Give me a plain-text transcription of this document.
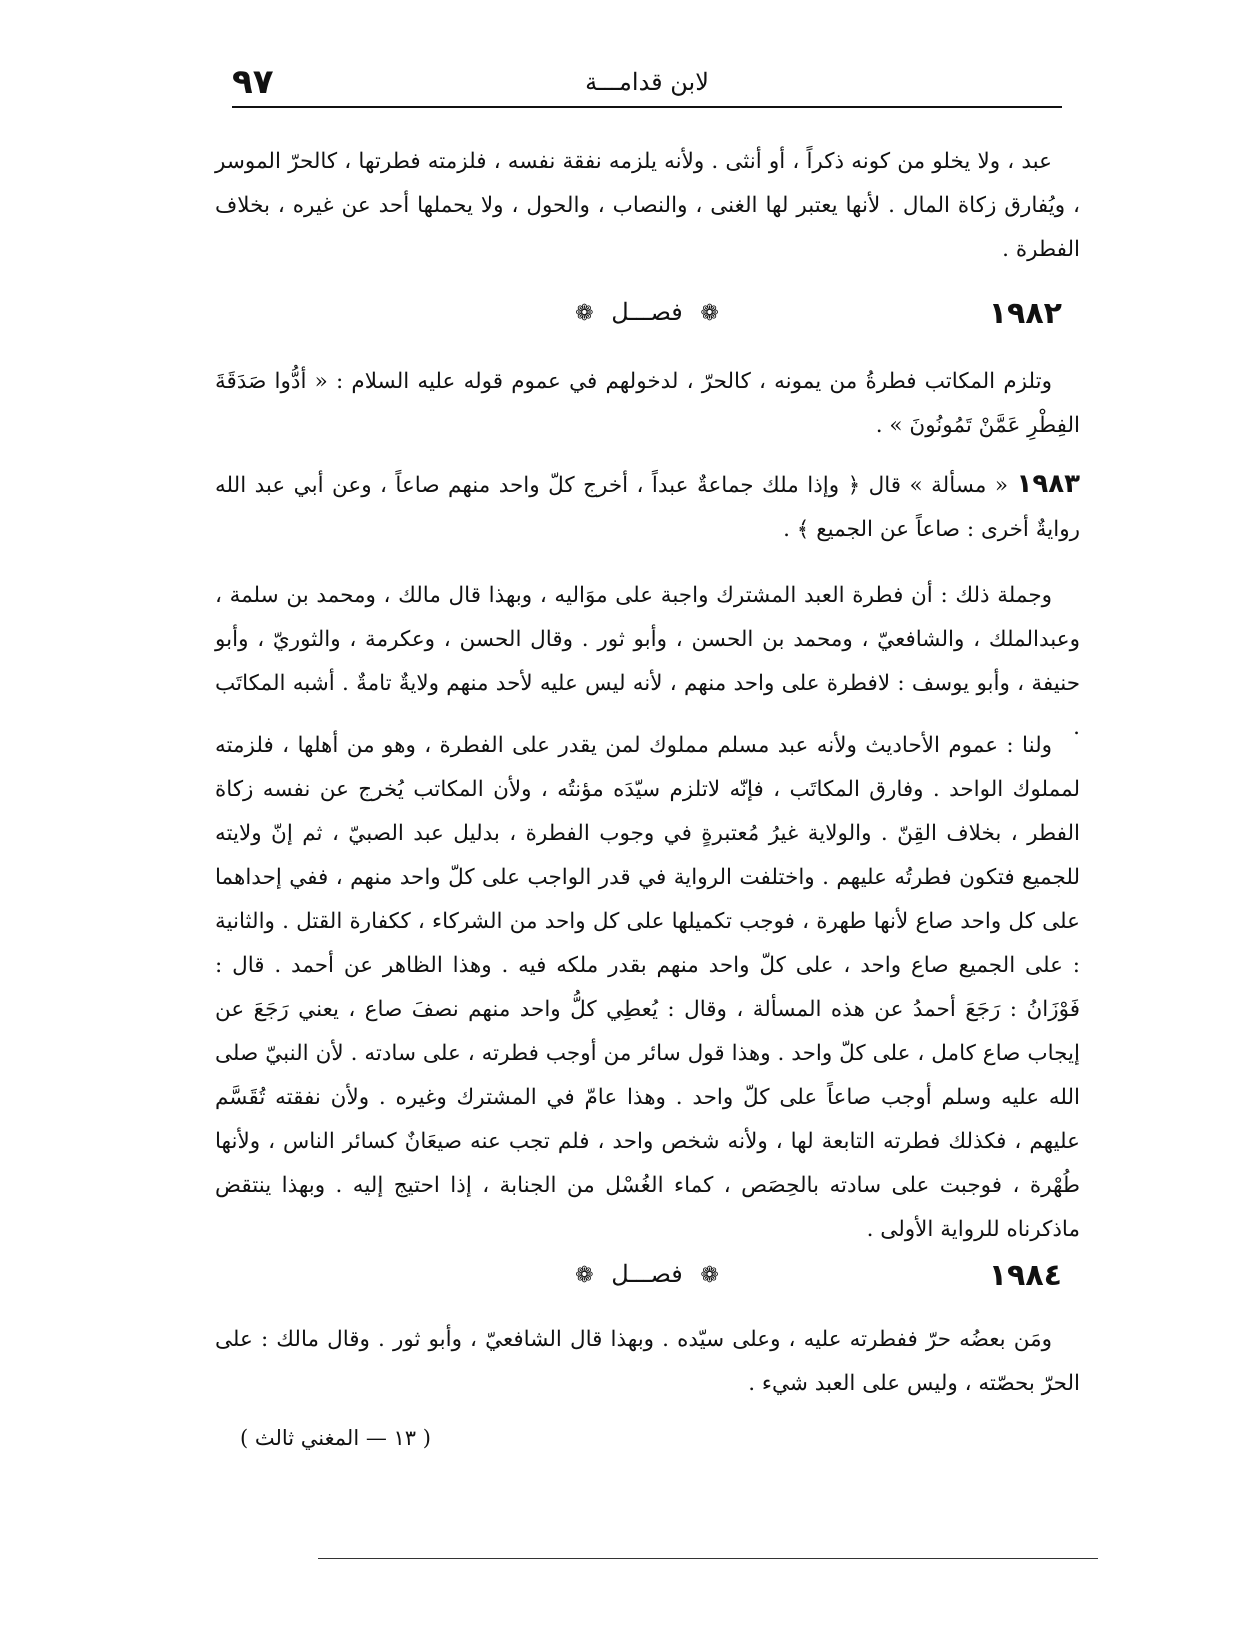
٩٧	لابن قدامـــة
عبد ، ولا يخلو من كونه ذكراً ، أو أنثى . ولأنه يلزمه نفقة نفسه ، فلزمته فطرتها ، كالحرّ الموسر ، ويُفارق زكاة المال . لأنها يعتبر لها الغنى ، والنصاب ، والحول ، ولا يحملها أحد عن غيره ، بخلاف الفطرة .
١٩٨٢
❁ فصـــل ❁
وتلزم المكاتب فطرةُ من يمونه ، كالحرّ ، لدخولهم في عموم قوله عليه السلام : « أدُّوا صَدَقَةَ الفِطْرِ عَمَّنْ تَمُونُونَ » .
١٩٨٣ « مسألة » قال ﴿ وإذا ملك جماعةٌ عبداً ، أخرج كلّ واحد منهم صاعاً ، وعن أبي عبد الله روايةٌ أخرى : صاعاً عن الجميع ﴾ .
وجملة ذلك : أن فطرة العبد المشترك واجبة على موَاليه ، وبهذا قال مالك ، ومحمد بن سلمة ، وعبدالملك ، والشافعيّ ، ومحمد بن الحسن ، وأبو ثور . وقال الحسن ، وعكرمة ، والثوريّ ، وأبو حنيفة ، وأبو يوسف : لافطرة على واحد منهم ، لأنه ليس عليه لأحد منهم ولايةٌ تامةٌ . أشبه المكاتَب .
ولنا : عموم الأحاديث ولأنه عبد مسلم مملوك لمن يقدر على الفطرة ، وهو من أهلها ، فلزمته لمملوك الواحد . وفارق المكاتَب ، فإنّه لاتلزم سيّدَه مؤنتُه ، ولأن المكاتب يُخرج عن نفسه زكاة الفطر ، بخلاف القِنّ . والولاية غيرُ مُعتبرةٍ في وجوب الفطرة ، بدليل عبد الصبيّ ، ثم إنّ ولايته للجميع فتكون فطرتُه عليهم . واختلفت الرواية في قدر الواجب على كلّ واحد منهم ، ففي إحداهما على كل واحد صاع لأنها طهرة ، فوجب تكميلها على كل واحد من الشركاء ، ككفارة القتل . والثانية : على الجميع صاع واحد ، على كلّ واحد منهم بقدر ملكه فيه . وهذا الظاهر عن أحمد . قال : فَوْزَانُ : رَجَعَ أحمدُ عن هذه المسألة ، وقال : يُعطِي كلُّ واحد منهم نصفَ صاع ، يعني رَجَعَ عن إيجاب صاع كامل ، على كلّ واحد . وهذا قول سائر من أوجب فطرته ، على سادته . لأن النبيّ صلى الله عليه وسلم أوجب صاعاً على كلّ واحد . وهذا عامّ في المشترك وغيره . ولأن نفقته تُقَسَّم عليهم ، فكذلك فطرته التابعة لها ، ولأنه شخص واحد ، فلم تجب عنه صيعَانٌ كسائر الناس ، ولأنها طُهْرة ، فوجبت على سادته بالحِصَص ، كماء الغُسْل من الجنابة ، إذا احتيج إليه . وبهذا ينتقض ماذكرناه للرواية الأولى .
١٩٨٤
❁ فصـــل ❁
ومَن بعضُه حرّ ففطرته عليه ، وعلى سيّده . وبهذا قال الشافعيّ ، وأبو ثور . وقال مالك : على الحرّ بحصّته ، وليس على العبد شيء .
( ١٣ — المغني ثالث )
